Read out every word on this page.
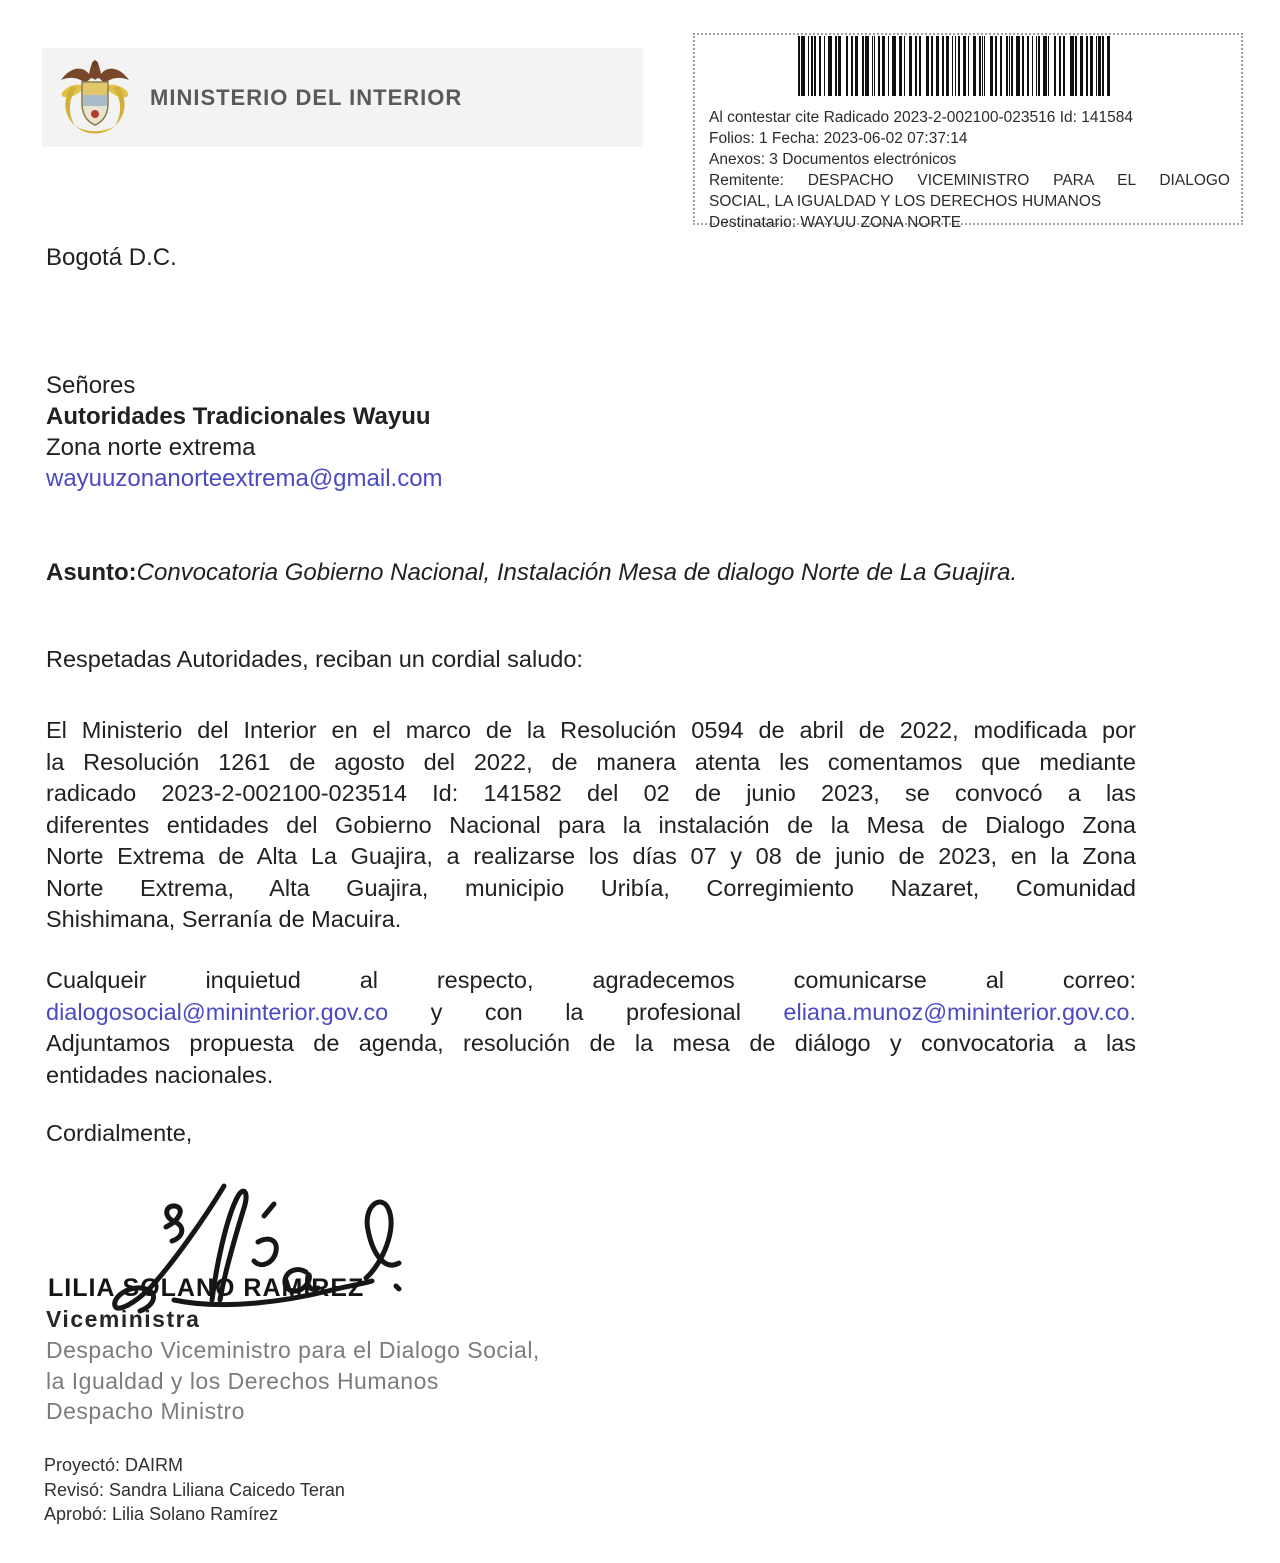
MINISTERIO DEL INTERIOR
Al contestar cite Radicado 2023-2-002100-023516 Id: 141584
Folios: 1 Fecha: 2023-06-02 07:37:14
Anexos: 3 Documentos electrónicos
Remitente: DESPACHO VICEMINISTRO PARA EL DIALOGO
SOCIAL, LA IGUALDAD Y LOS DERECHOS HUMANOS
Destinatario: WAYUU ZONA NORTE
Bogotá D.C.
Señores
Autoridades Tradicionales Wayuu
Zona norte extrema
wayuuzonanorteextrema@gmail.com
Asunto:Convocatoria Gobierno Nacional, Instalación Mesa de dialogo Norte de La Guajira.
Respetadas Autoridades, reciban un cordial saludo:
El Ministerio del Interior en el marco de la Resolución 0594 de abril de 2022, modificada por
la Resolución 1261 de agosto del 2022, de manera atenta les comentamos que mediante
radicado 2023-2-002100-023514 Id: 141582 del 02 de junio 2023, se convocó a las
diferentes entidades del Gobierno Nacional para la instalación de la Mesa de Dialogo Zona
Norte Extrema de Alta La Guajira, a realizarse los días 07 y 08 de junio de 2023, en la Zona
Norte Extrema, Alta Guajira, municipio Uribía, Corregimiento Nazaret, Comunidad
Shishimana, Serranía de Macuira.
Cualqueir inquietud al respecto, agradecemos comunicarse al correo:
dialogosocial@mininterior.gov.co y con la profesional eliana.munoz@mininterior.gov.co.
Adjuntamos propuesta de agenda, resolución de la mesa de diálogo y convocatoria a las
entidades nacionales.
Cordialmente,
LILIA SOLANO RAMIREZ
Viceministra
Despacho Viceministro para el Dialogo Social,
la Igualdad y los Derechos Humanos
Despacho Ministro
Proyectó: DAIRM
Revisó: Sandra Liliana Caicedo Teran
Aprobó: Lilia Solano Ramírez
